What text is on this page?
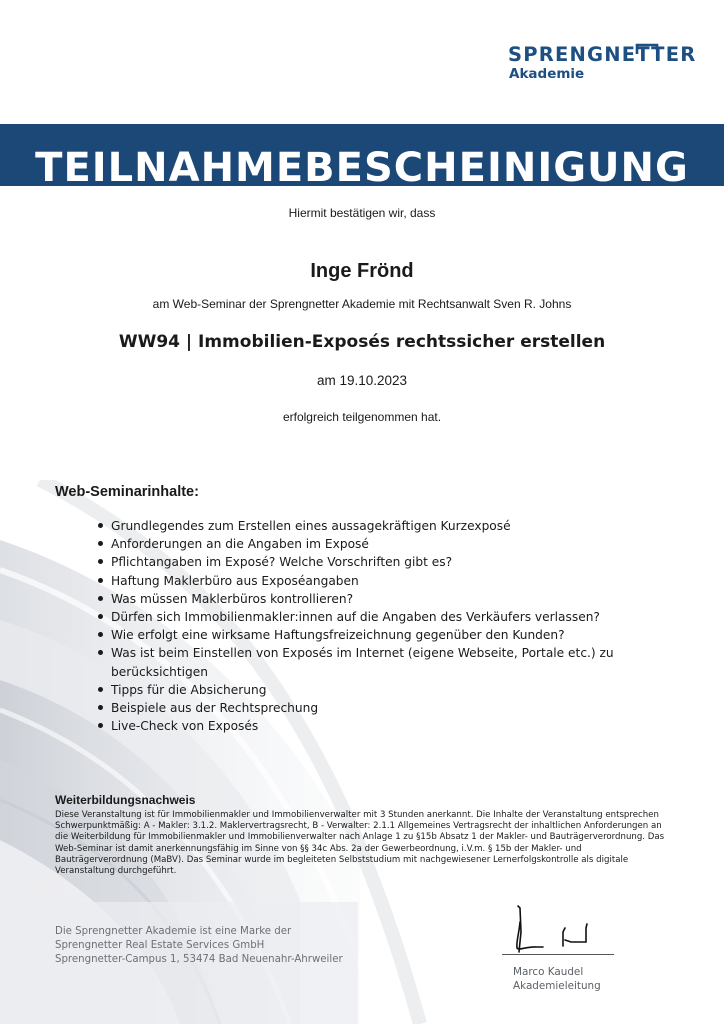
SPRENGNETTER
Akademie
TEILNAHMEBESCHEINIGUNG
Hiermit bestätigen wir, dass
Inge Frönd
am Web-Seminar der Sprengnetter Akademie mit Rechtsanwalt Sven R. Johns
WW94 | Immobilien-Exposés rechtssicher erstellen
am 19.10.2023
erfolgreich teilgenommen hat.
Web-Seminarinhalte:
Grundlegendes zum Erstellen eines aussagekräftigen Kurzexposé
Anforderungen an die Angaben im Exposé
Pflichtangaben im Exposé? Welche Vorschriften gibt es?
Haftung Maklerbüro aus Exposéangaben
Was müssen Maklerbüros kontrollieren?
Dürfen sich Immobilienmakler:innen auf die Angaben des Verkäufers verlassen?
Wie erfolgt eine wirksame Haftungsfreizeichnung gegenüber den Kunden?
Was ist beim Einstellen von Exposés im Internet (eigene Webseite, Portale etc.) zu berücksichtigen
Tipps für die Absicherung
Beispiele aus der Rechtsprechung
Live-Check von Exposés
Weiterbildungsnachweis
Diese Veranstaltung ist für Immobilienmakler und Immobilienverwalter mit 3 Stunden anerkannt. Die Inhalte der Veranstaltung entsprechen Schwerpunktmäßig: A - Makler: 3.1.2. Maklervertragsrecht, B - Verwalter: 2.1.1 Allgemeines Vertragsrecht der inhaltlichen Anforderungen an die Weiterbildung für Immobilienmakler und Immobilienverwalter nach Anlage 1 zu §15b Absatz 1 der Makler- und Bauträgerverordnung. Das Web-Seminar ist damit anerkennungsfähig im Sinne von §§ 34c Abs. 2a der Gewerbeordnung, i.V.m. § 15b der Makler- und Bauträgerverordnung (MaBV). Das Seminar wurde im begleiteten Selbststudium mit nachgewiesener Lernerfolgskontrolle als digitale Veranstaltung durchgeführt.
Die Sprengnetter Akademie ist eine Marke der
Sprengnetter Real Estate Services GmbH
Sprengnetter-Campus 1, 53474 Bad Neuenahr-Ahrweiler
Marco Kaudel
Akademieleitung
